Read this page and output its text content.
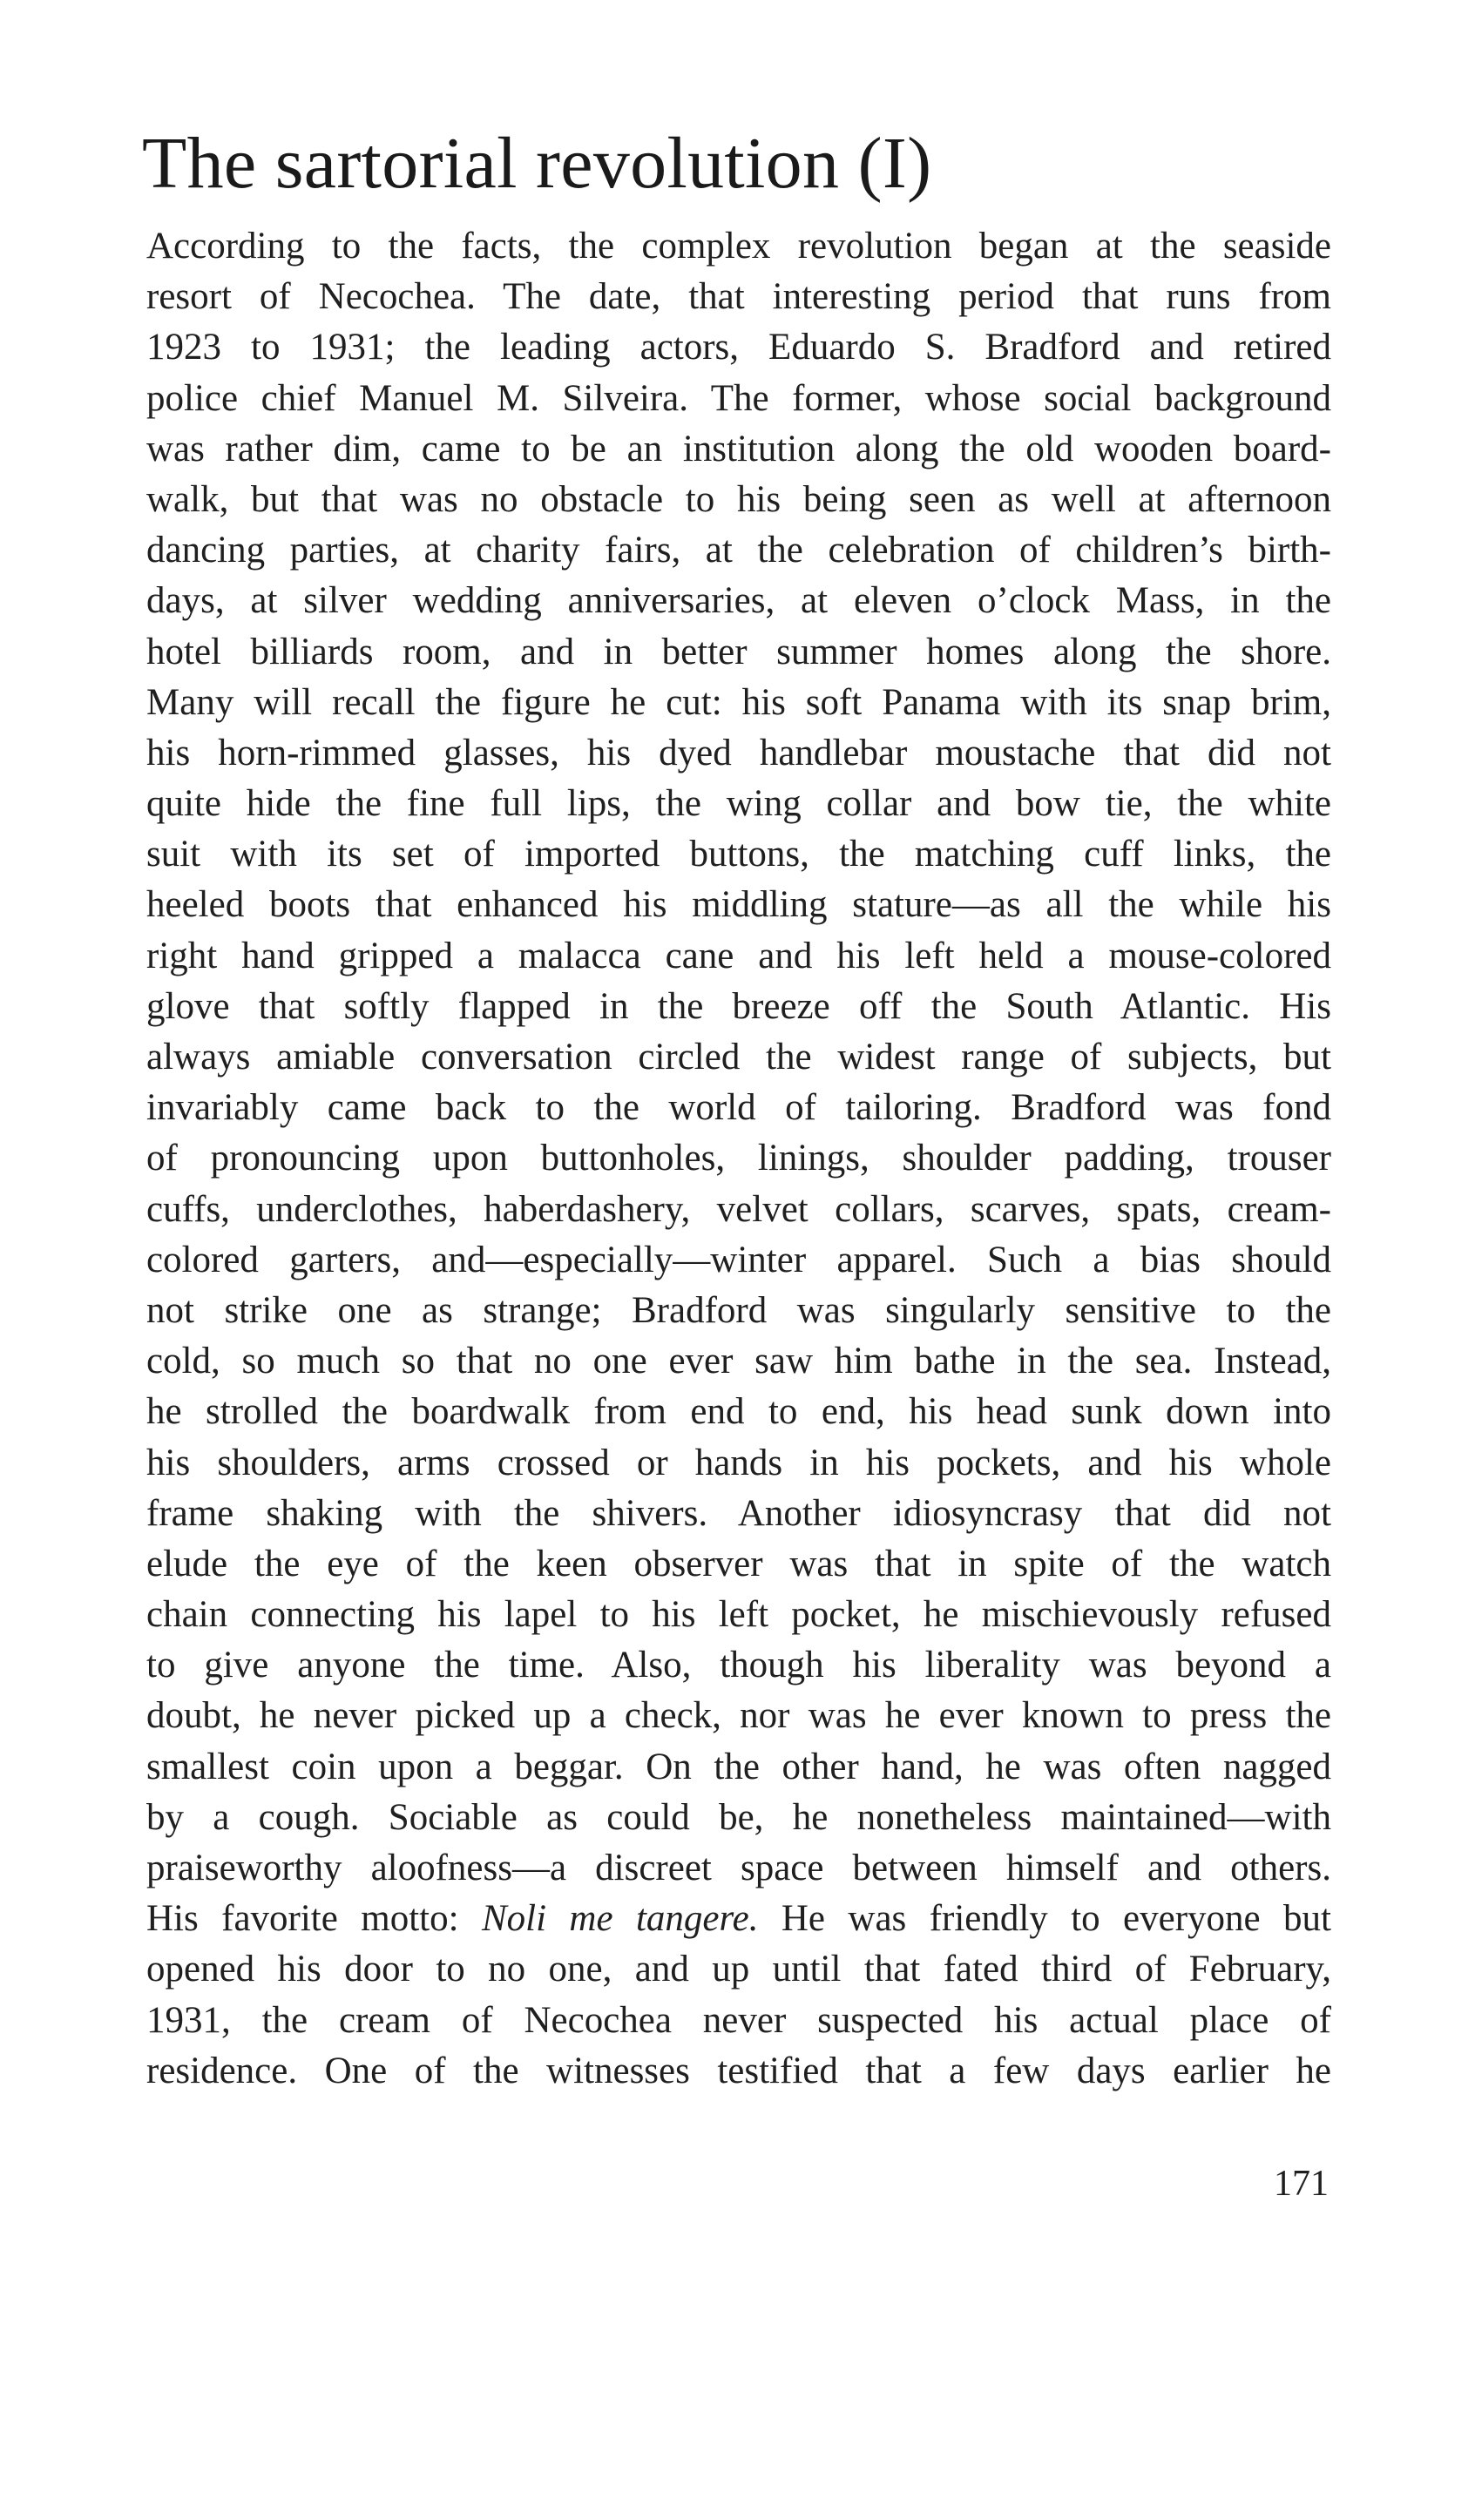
The sartorial revolution (I)
According to the facts, the complex revolution began at the seaside
resort of Necochea. The date, that interesting period that runs from
1923 to 1931; the leading actors, Eduardo S. Bradford and retired
police chief Manuel M. Silveira. The former, whose social background
was rather dim, came to be an institution along the old wooden board-
walk, but that was no obstacle to his being seen as well at afternoon
dancing parties, at charity fairs, at the celebration of children’s birth-
days, at silver wedding anniversaries, at eleven o’clock Mass, in the
hotel billiards room, and in better summer homes along the shore.
Many will recall the figure he cut: his soft Panama with its snap brim,
his horn-rimmed glasses, his dyed handlebar moustache that did not
quite hide the fine full lips, the wing collar and bow tie, the white
suit with its set of imported buttons, the matching cuff links, the
heeled boots that enhanced his middling stature—as all the while his
right hand gripped a malacca cane and his left held a mouse-colored
glove that softly flapped in the breeze off the South Atlantic. His
always amiable conversation circled the widest range of subjects, but
invariably came back to the world of tailoring. Bradford was fond
of pronouncing upon buttonholes, linings, shoulder padding, trouser
cuffs, underclothes, haberdashery, velvet collars, scarves, spats, cream-
colored garters, and—especially—winter apparel. Such a bias should
not strike one as strange; Bradford was singularly sensitive to the
cold, so much so that no one ever saw him bathe in the sea. Instead,
he strolled the boardwalk from end to end, his head sunk down into
his shoulders, arms crossed or hands in his pockets, and his whole
frame shaking with the shivers. Another idiosyncrasy that did not
elude the eye of the keen observer was that in spite of the watch
chain connecting his lapel to his left pocket, he mischievously refused
to give anyone the time. Also, though his liberality was beyond a
doubt, he never picked up a check, nor was he ever known to press the
smallest coin upon a beggar. On the other hand, he was often nagged
by a cough. Sociable as could be, he nonetheless maintained—with
praiseworthy aloofness—a discreet space between himself and others.
His favorite motto: Noli me tangere. He was friendly to everyone but
opened his door to no one, and up until that fated third of February,
1931, the cream of Necochea never suspected his actual place of
residence. One of the witnesses testified that a few days earlier he
171
